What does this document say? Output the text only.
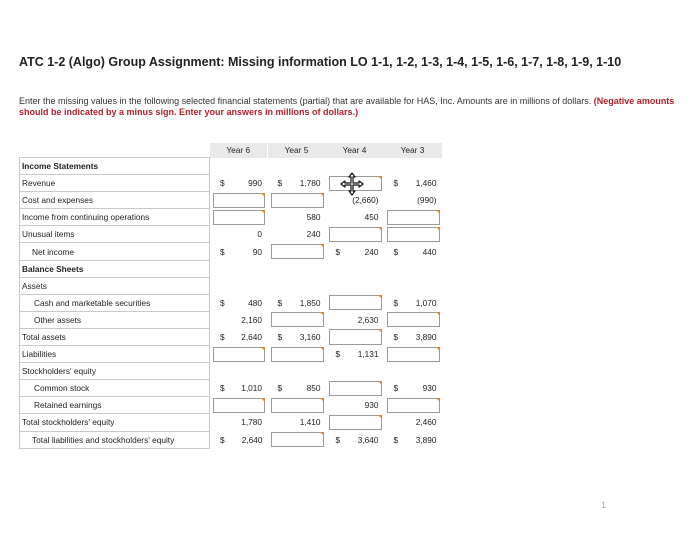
ATC 1-2 (Algo) Group Assignment: Missing information LO 1-1, 1-2, 1-3, 1-4, 1-5, 1-6, 1-7, 1-8, 1-9, 1-10
Enter the missing values in the following selected financial statements (partial) that are available for HAS, Inc. Amounts are in millions of dollars. (Negative amounts should be indicated by a minus sign. Enter your answers in millions of dollars.)
	Year 6	Year 5	Year 4	Year 3
Income Statements				
Revenue	$ 990	$ 1,780		$ 1,460

Cost and expenses			(2,660)	(990)

Income from continuing operations		580	450	

Unusual items	0	240		

Net income	$ 90		$ 240	$ 440

Balance Sheets				
Assets				
Cash and marketable securities	$ 480	$ 1,850		$ 1,070

Other assets	2,160		2,630	

Total assets	$ 2,640	$ 3,160		$ 3,890

Liabilities			$ 1,131	

Stockholders' equity				
Common stock	$ 1,010	$ 850		$ 930

Retained earnings			930	

Total stockholders' equity	1,780	1,410		2,460

Total liabilities and stockholders' equity	$ 2,640		$ 3,640	$ 3,890
1
